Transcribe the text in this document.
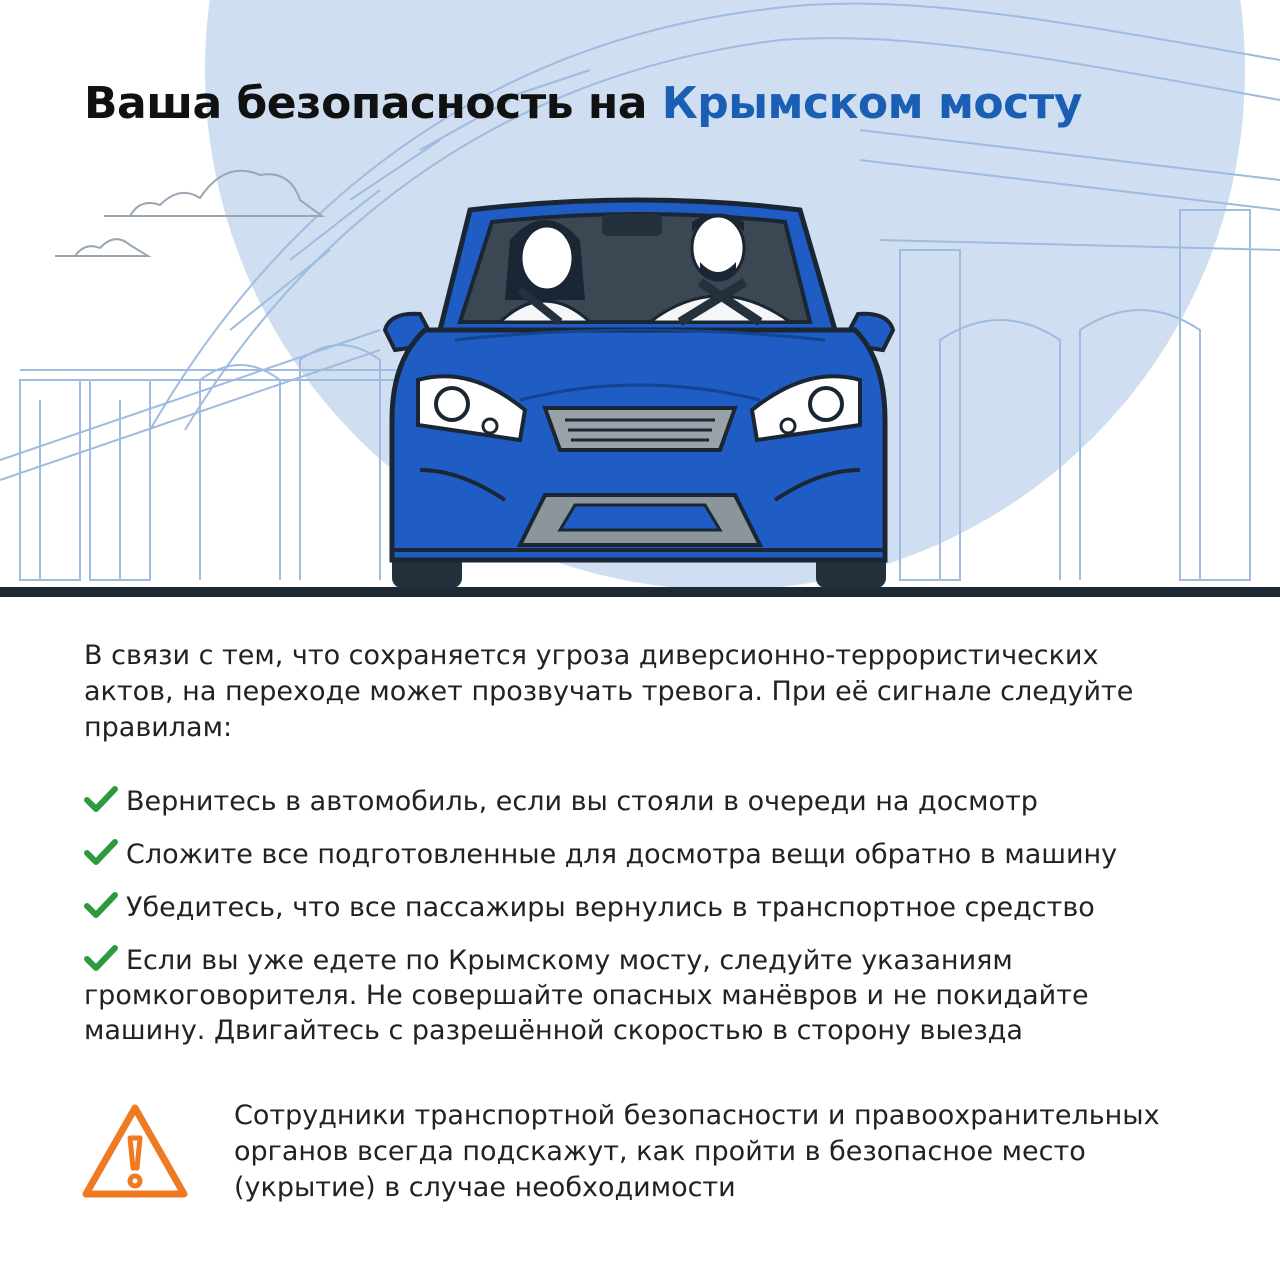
Ваша безопасность на Крымском мосту
В связи с тем, что сохраняется угроза диверсионно-террористических актов, на переходе может прозвучать тревога. При её сигнале следуйте правилам:
Вернитесь в автомобиль, если вы стояли в очереди на досмотр
Сложите все подготовленные для досмотра вещи обратно в машину
Убедитесь, что все пассажиры вернулись в транспортное средство
Если вы уже едете по Крымскому мосту, следуйте указаниям громкоговорителя. Не совершайте опасных манёвров и не покидайте машину. Двигайтесь с разрешённой скоростью в сторону выезда
Сотрудники транспортной безопасности и правоохранительных органов всегда подскажут, как пройти в безопасное место (укрытие) в случае необходимости
